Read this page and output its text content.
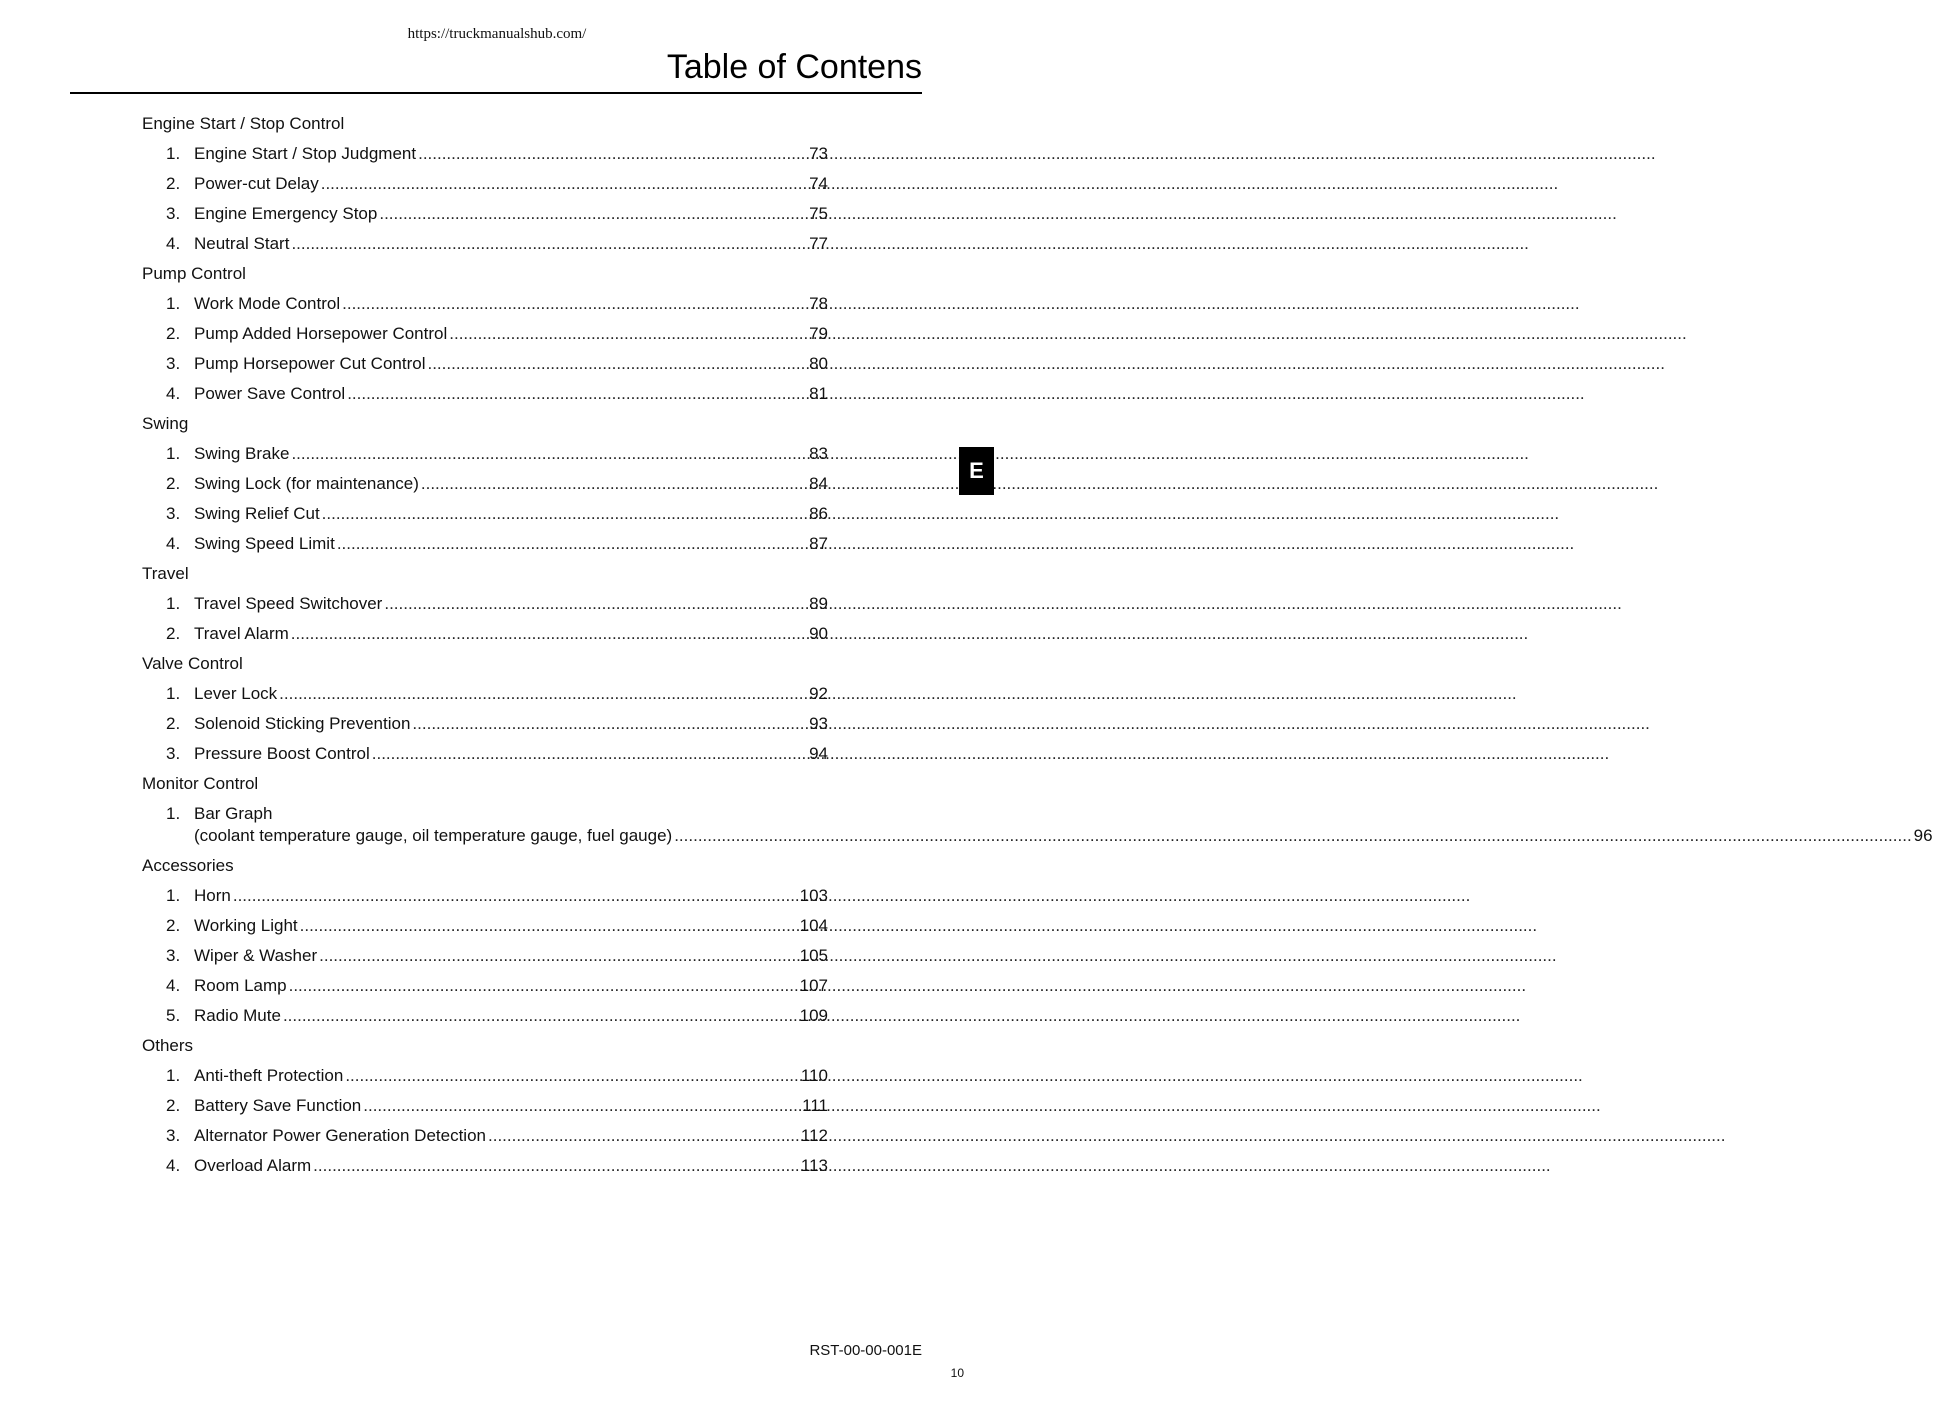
https://truckmanualshub.com/
Table of Contens
Engine Start / Stop Control
1. Engine Start / Stop Judgment .....	73
2. Power-cut Delay .....	74
3. Engine Emergency Stop .....	75
4. Neutral Start .....	77
Pump Control
1. Work Mode Control .....	78
2. Pump Added Horsepower Control .....	79
3. Pump Horsepower Cut Control .....	80
4. Power Save Control .....	81
Swing
1. Swing Brake .....	83
2. Swing Lock (for maintenance) .....	84
3. Swing Relief Cut .....	86
4. Swing Speed Limit .....	87
Travel
1. Travel Speed Switchover .....	89
2. Travel Alarm .....	90
Valve Control
1. Lever Lock .....	92
2. Solenoid Sticking Prevention .....	93
3. Pressure Boost Control .....	94
Monitor Control
1. Bar Graph
(coolant temperature gauge, oil temperature gauge, fuel gauge) .....	96
Accessories
1. Horn .....	103
2. Working Light .....	104
3. Wiper & Washer .....	105
4. Room Lamp .....	107
5. Radio Mute .....	109
Others
1. Anti-theft Protection .....	110
2. Battery Save Function .....	111
3. Alternator Power Generation Detection .....	112
4. Overload Alarm .....	113
E
RST-00-00-001E
10
